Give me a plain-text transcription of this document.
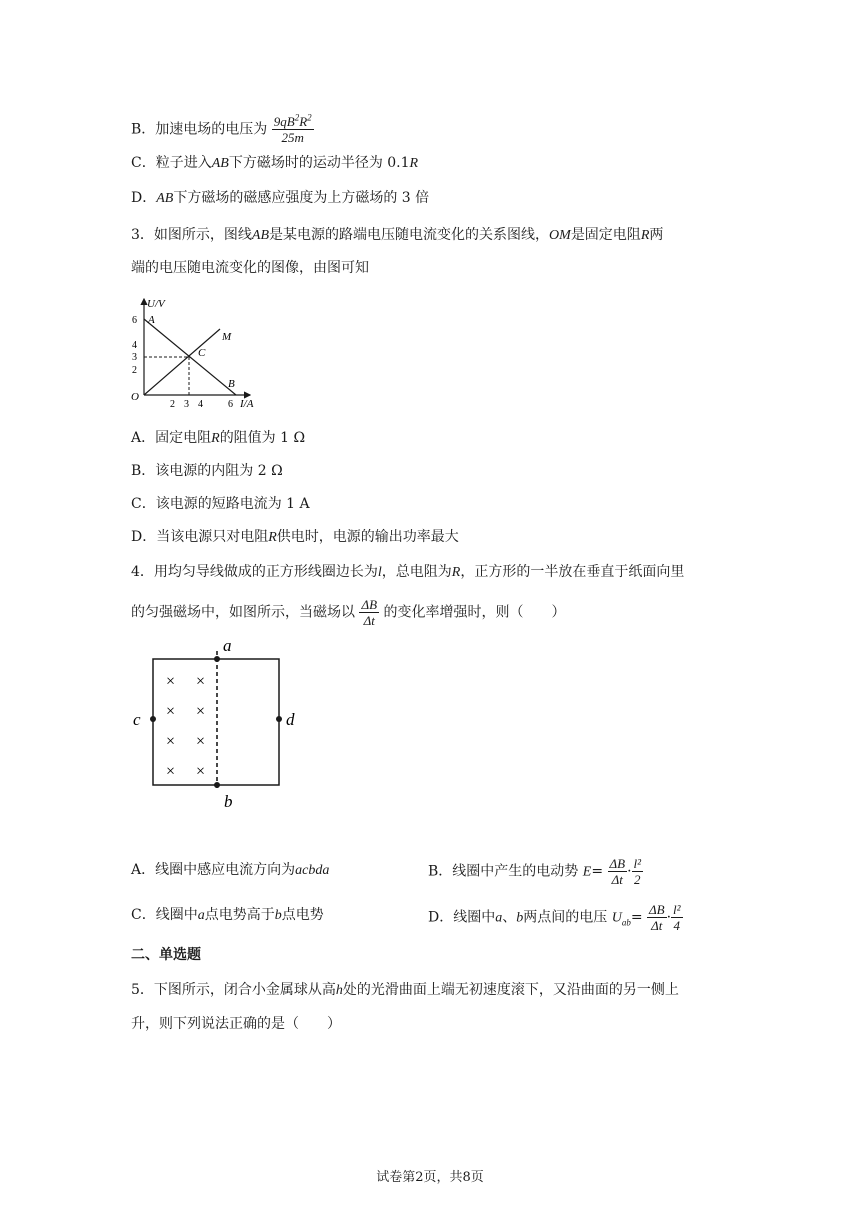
B．加速电场的电压为 $\frac{9qB^2R^2}{25m}$
C．粒子进入AB下方磁场时的运动半径为 0.1R
D．AB下方磁场的磁感应强度为上方磁场的 3 倍
3．如图所示，图线AB是某电源的路端电压随电流变化的关系图线，OM是固定电阻R两
端的电压随电流变化的图像，由图可知
U/V
I/A
O
6
4
3
2
2 3 4	6
A
B
C
M
A．固定电阻R的阻值为 1 Ω
B．该电源的内阻为 2 Ω
C．该电源的短路电流为 1 A
D．当该电源只对电阻R供电时，电源的输出功率最大
4．用均匀导线做成的正方形线圈边长为l，总电阻为R，正方形的一半放在垂直于纸面向里
的匀强磁场中，如图所示，当磁场以 $\frac{\Delta B}{\Delta t}$ 的变化率增强时，则（　　）
a
b
c	d
× ×
× ×
× ×
× ×
A．线圈中感应电流方向为acbda	B．线圈中产生的电动势 $E= \frac{\Delta B}{\Delta t} \cdot \frac{\text{l²}}{2}$
C．线圈中a点电势高于b点电势	D．线圈中a、b两点间的电压 $U_{ab}= \frac{\Delta B}{\Delta t} \cdot \frac{\text{l²}}{4}$
二、单选题
5．下图所示，闭合小金属球从高h处的光滑曲面上端无初速度滚下，又沿曲面的另一侧上
升，则下列说法正确的是（　　）
试卷第2页，共8页
